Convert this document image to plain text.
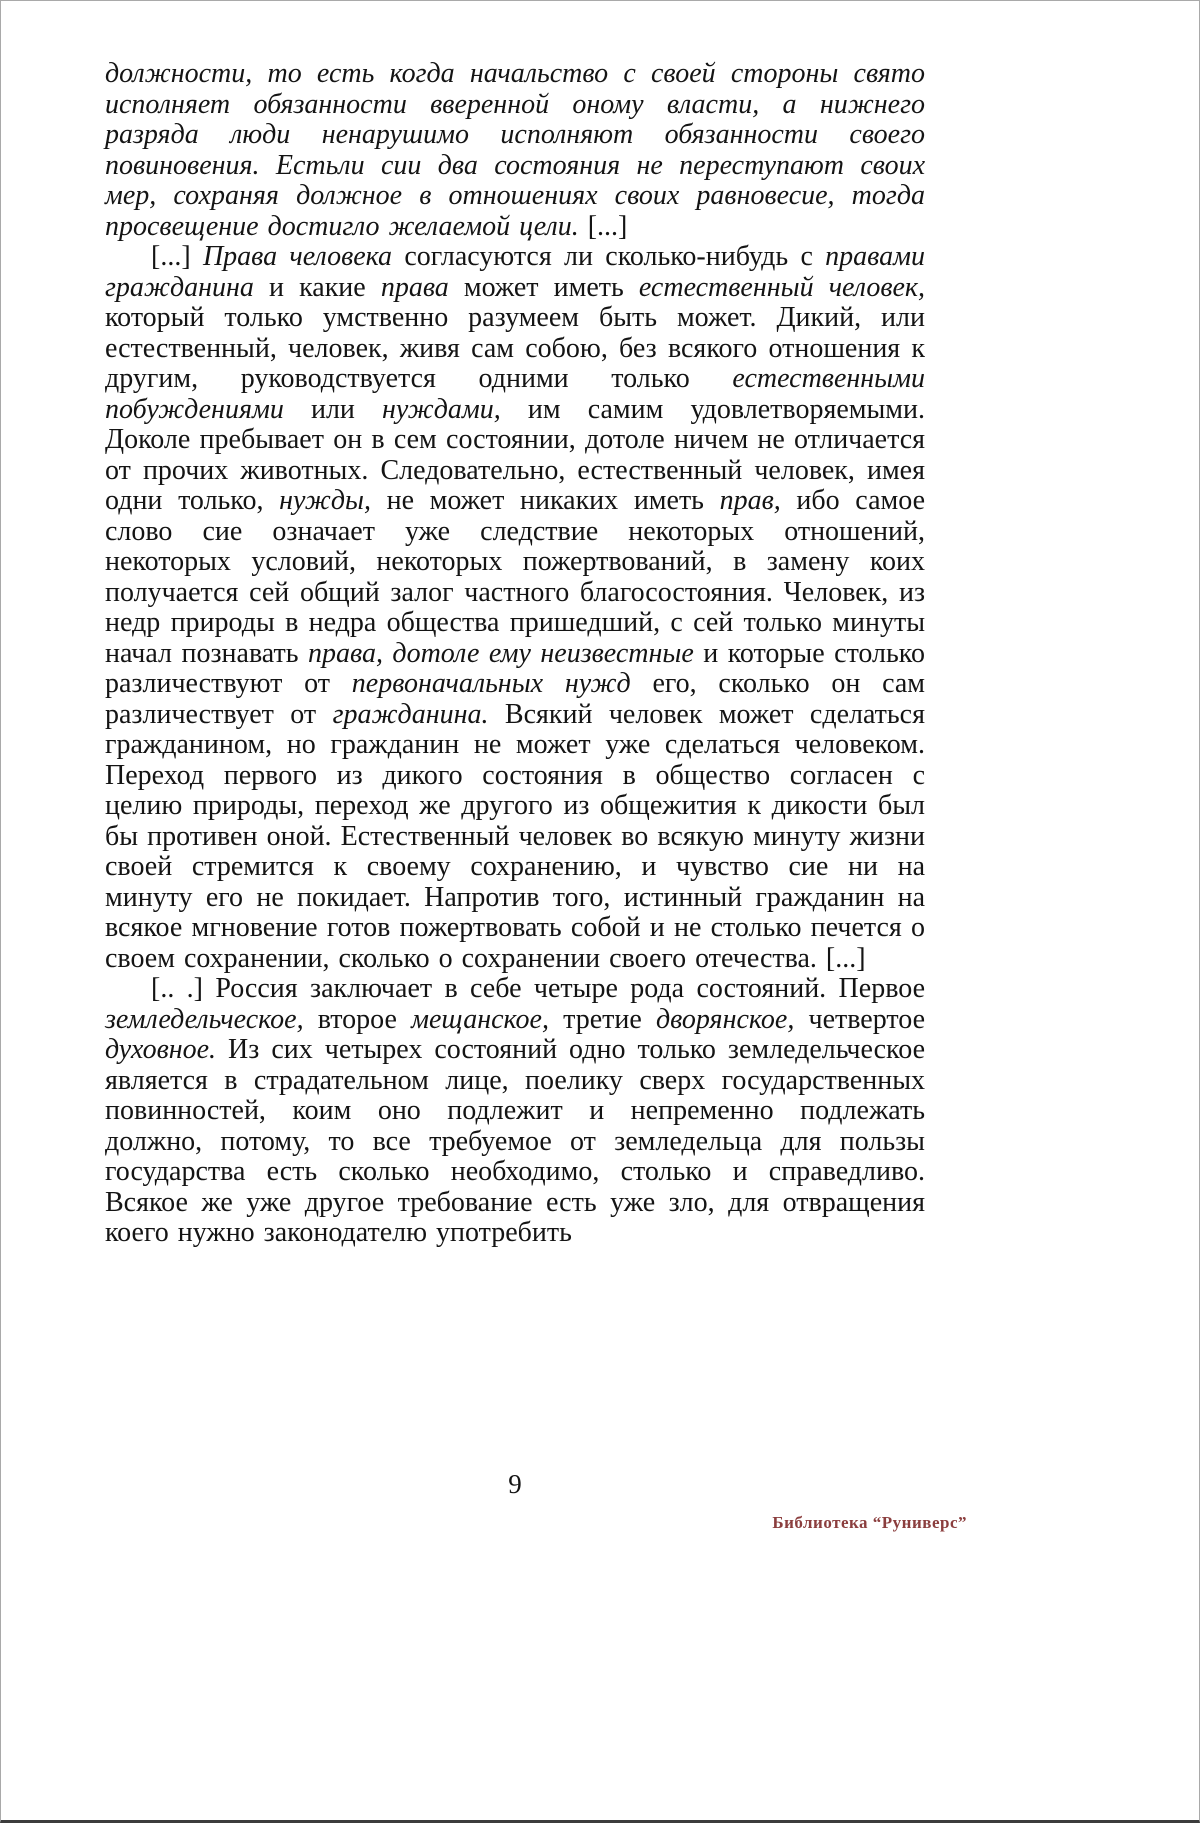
должности, то есть когда начальство с своей стороны свято исполняет обязанности вверенной оному власти, а нижнего разряда люди ненарушимо исполняют обязанности своего повиновения. Естьли сии два состояния не переступают своих мер, сохраняя должное в отношениях своих равновесие, тогда просвещение достигло желаемой цели. [...]

[...] Права человека согласуются ли сколько-нибудь с правами гражданина и какие права может иметь естественный человек, который только умственно разумеем быть может. Дикий, или естественный, человек, живя сам собою, без всякого отношения к другим, руководствуется одними только естественными побуждениями или нуждами, им самим удовлетворяемыми. Доколе пребывает он в сем состоянии, дотоле ничем не отличается от прочих животных. Следовательно, естественный человек, имея одни только, нужды, не может никаких иметь прав, ибо самое слово сие означает уже следствие некоторых отношений, некоторых условий, некоторых пожертвований, в замену коих получается сей общий залог частного благосостояния. Человек, из недр природы в недра общества пришедший, с сей только минуты начал познавать права, дотоле ему неизвестные и которые столько различествуют от первоначальных нужд его, сколько он сам различествует от гражданина. Всякий человек может сделаться гражданином, но гражданин не может уже сделаться человеком. Переход первого из дикого состояния в общество согласен с целию природы, переход же другого из общежития к дикости был бы противен оной. Естественный человек во всякую минуту жизни своей стремится к своему сохранению, и чувство сие ни на минуту его не покидает. Напротив того, истинный гражданин на всякое мгновение готов пожертвовать собой и не столько печется о своем сохранении, сколько о сохранении своего отечества. [...]

[.. .] Россия заключает в себе четыре рода состояний. Первое земледельческое, второе мещанское, третие дворянское, четвертое духовное. Из сих четырех состояний одно только земледельческое является в страдательном лице, поелику сверх государственных повинностей, коим оно подлежит и непременно подлежать должно, потому, то все требуемое от земледельца для пользы государства есть сколько необходимо, столько и справедливо. Всякое же уже другое требование есть уже зло, для отвращения коего нужно законодателю употребить

9
Библиотека “Руниверс”
